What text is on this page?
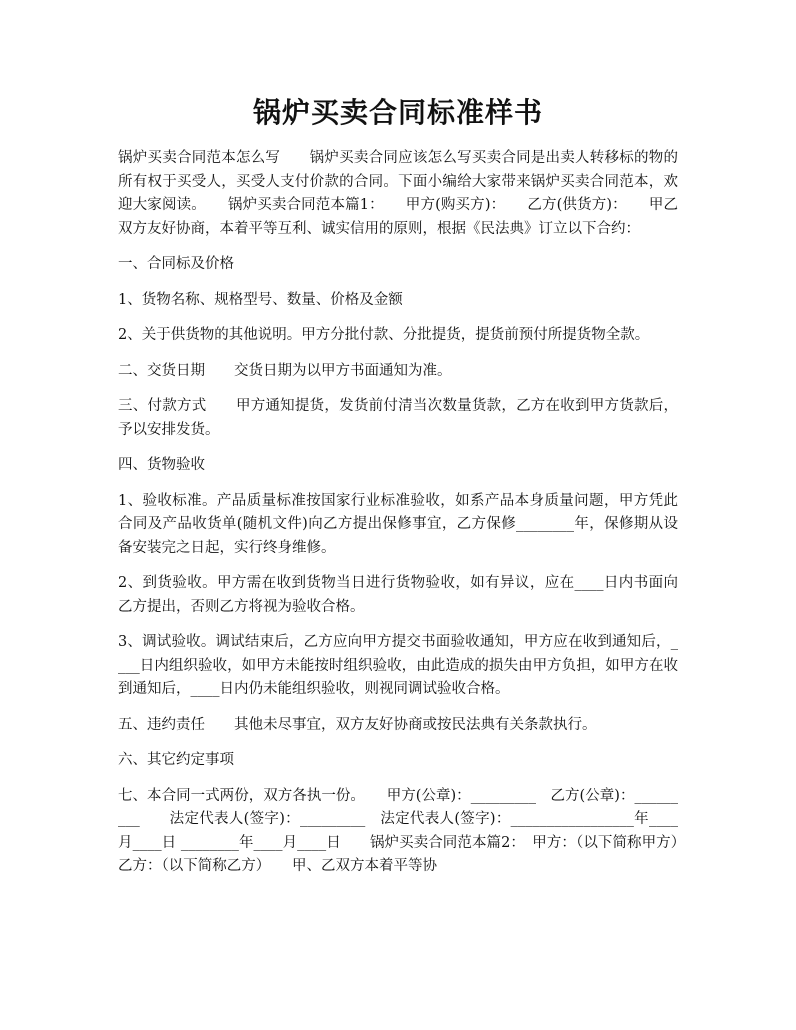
锅炉买卖合同标准样书

锅炉买卖合同范本怎么写　　锅炉买卖合同应该怎么写买卖合同是出卖人转移标的物的所有权于买受人，买受人支付价款的合同。下面小编给大家带来锅炉买卖合同范本，欢迎大家阅读。　　锅炉买卖合同范本篇1：　　甲方(购买方)：　　乙方(供货方)：　　甲乙双方友好协商，本着平等互利、诚实信用的原则，根据《民法典》订立以下合约：

一、合同标及价格

1、货物名称、规格型号、数量、价格及金额

2、关于供货物的其他说明。甲方分批付款、分批提货，提货前预付所提货物全款。

二、交货日期　　交货日期为以甲方书面通知为准。

三、付款方式　　甲方通知提货，发货前付清当次数量货款，乙方在收到甲方货款后，予以安排发货。

四、货物验收

1、验收标准。产品质量标准按国家行业标准验收，如系产品本身质量问题，甲方凭此合同及产品收货单(随机文件)向乙方提出保修事宜，乙方保修________年，保修期从设备安装完之日起，实行终身维修。

2、到货验收。甲方需在收到货物当日进行货物验收，如有异议，应在____日内书面向乙方提出，否则乙方将视为验收合格。

3、调试验收。调试结束后，乙方应向甲方提交书面验收通知，甲方应在收到通知后，____日内组织验收，如甲方未能按时组织验收，由此造成的损失由甲方负担，如甲方在收到通知后，____日内仍未能组织验收，则视同调试验收合格。

五、违约责任　　其他未尽事宜，双方友好协商或按民法典有关条款执行。

六、其它约定事项

七、本合同一式两份，双方各执一份。　　甲方(公章)：_________　乙方(公章)：_________　　法定代表人(签字)：_________　法定代表人(签字)：_________________年____月____日 ________年____月____日　　锅炉买卖合同范本篇2：　甲方：（以下简称甲方）　　乙方：（以下简称乙方）　　甲、乙双方本着平等协
